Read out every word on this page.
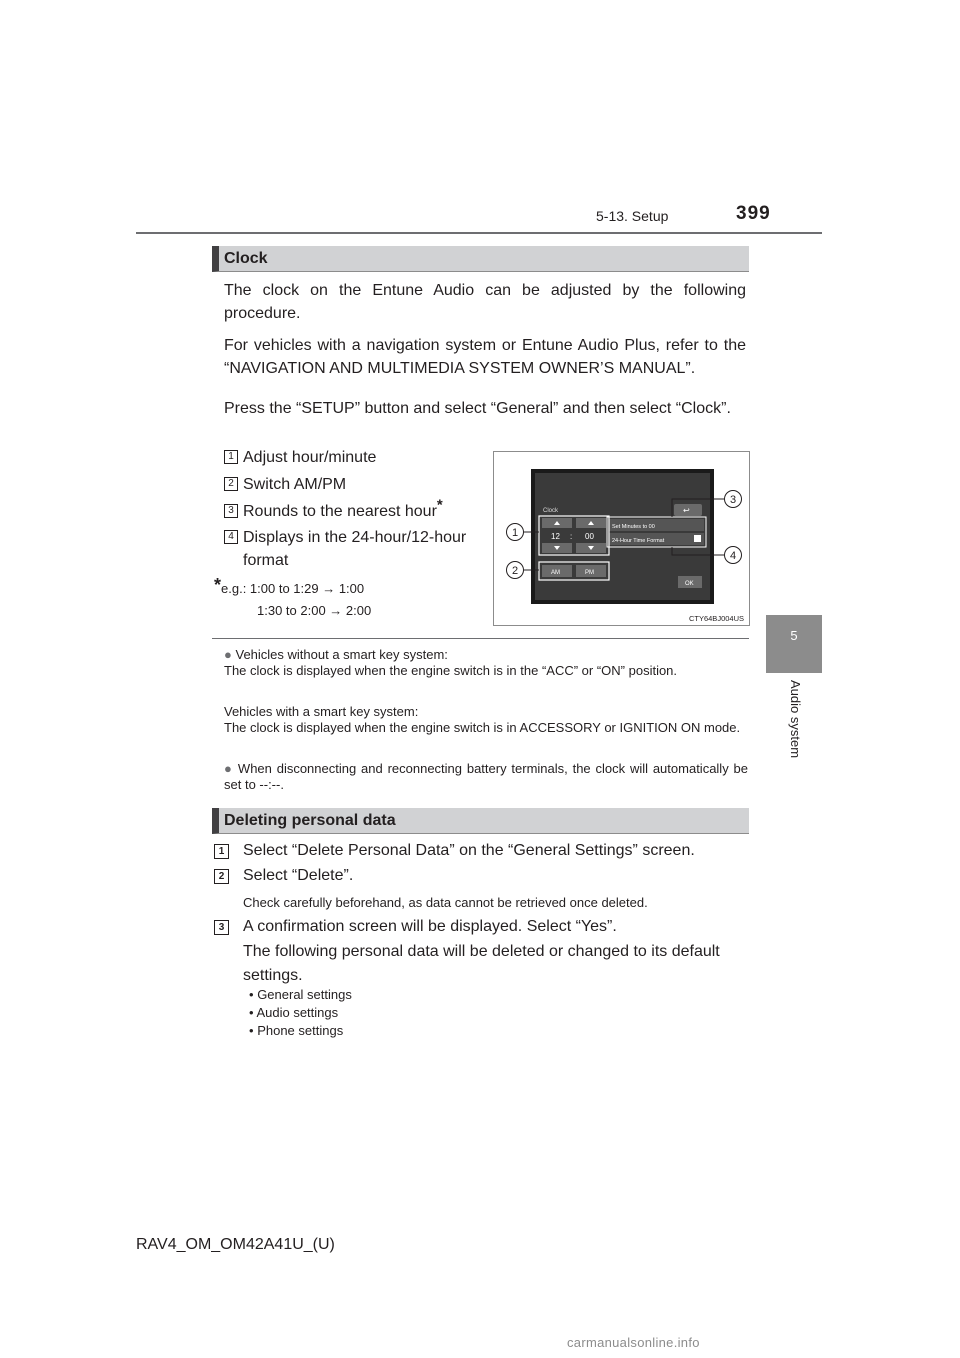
5-13. Setup	399
5
Audio system
Clock
The clock on the Entune Audio can be adjusted by the following procedure.
For vehicles with a navigation system or Entune Audio Plus, refer to the “NAVIGATION AND MULTIMEDIA SYSTEM OWNER’S MANUAL”.
Press the “SETUP” button and select “General” and then select “Clock”.
1 Adjust hour/minute
2 Switch AM/PM
3 Rounds to the nearest hour*
4 Displays in the 24-hour/12-hour format
*e.g.: 1:00 to 1:29 → 1:00
1:30 to 2:00 → 2:00
Clock	↩
12 : 00
Set Minutes to 00
24-Hour Time Format
AM	PM
OK
1
2
3
4
CTY64BJ004US
● Vehicles without a smart key system:
The clock is displayed when the engine switch is in the “ACC” or “ON” position.
Vehicles with a smart key system:
The clock is displayed when the engine switch is in ACCESSORY or IGNITION ON mode.
● When disconnecting and reconnecting battery terminals, the clock will automatically be set to --:--.
Deleting personal data
1 Select “Delete Personal Data” on the “General Settings” screen.
2 Select “Delete”.
Check carefully beforehand, as data cannot be retrieved once deleted.
3 A confirmation screen will be displayed. Select “Yes”.
The following personal data will be deleted or changed to its default settings.
• General settings
• Audio settings
• Phone settings
RAV4_OM_OM42A41U_(U)
carmanualsonline.info
